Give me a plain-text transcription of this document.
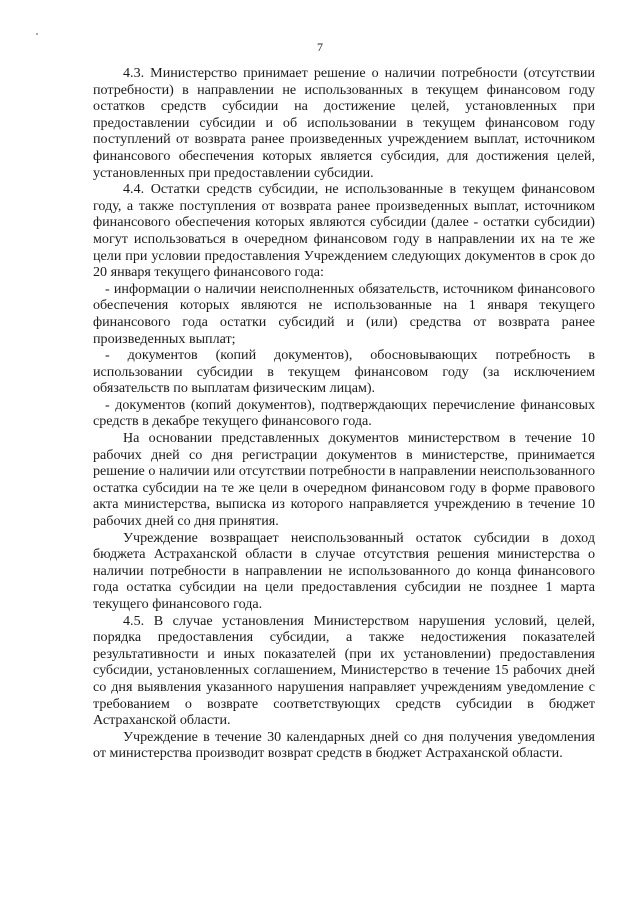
7

4.3. Министерство принимает решение о наличии потребности (отсутствии потребности) в направлении не использованных в текущем финансовом году остатков средств субсидии на достижение целей, установленных при предоставлении субсидии и об использовании в текущем финансовом году поступлений от возврата ранее произведенных учреждением выплат, источником финансового обеспечения которых является субсидия, для достижения целей, установленных при предоставлении субсидии.

4.4. Остатки средств субсидии, не использованные в текущем финансовом году, а также поступления от возврата ранее произведенных выплат, источником финансового обеспечения которых являются субсидии (далее - остатки субсидии) могут использоваться в очередном финансовом году в направлении их на те же цели при условии предоставления Учреждением следующих документов в срок до 20 января текущего финансового года:

- информации о наличии неисполненных обязательств, источником финансового обеспечения которых являются не использованные на 1 января текущего финансового года остатки субсидий и (или) средства от возврата ранее произведенных выплат;

- документов (копий документов), обосновывающих потребность в использовании субсидии в текущем финансовом году (за исключением обязательств по выплатам физическим лицам).

- документов (копий документов), подтверждающих перечисление финансовых средств в декабре текущего финансового года.

На основании представленных документов министерством в течение 10 рабочих дней со дня регистрации документов в министерстве, принимается решение о наличии или отсутствии потребности в направлении неиспользованного остатка субсидии на те же цели в очередном финансовом году в форме правового акта министерства, выписка из которого направляется учреждению в течение 10 рабочих дней со дня принятия.

Учреждение возвращает неиспользованный остаток субсидии в доход бюджета Астраханской области в случае отсутствия решения министерства о наличии потребности в направлении не использованного до конца финансового года остатка субсидии на цели предоставления субсидии не позднее 1 марта текущего финансового года.

4.5. В случае установления Министерством нарушения условий, целей, порядка предоставления субсидии, а также недостижения показателей результативности и иных показателей (при их установлении) предоставления субсидии, установленных соглашением, Министерство в течение 15 рабочих дней со дня выявления указанного нарушения направляет учреждениям уведомление с требованием о возврате соответствующих средств субсидии в бюджет Астраханской области.

Учреждение в течение 30 календарных дней со дня получения уведомления от министерства производит возврат средств в бюджет Астраханской области.
